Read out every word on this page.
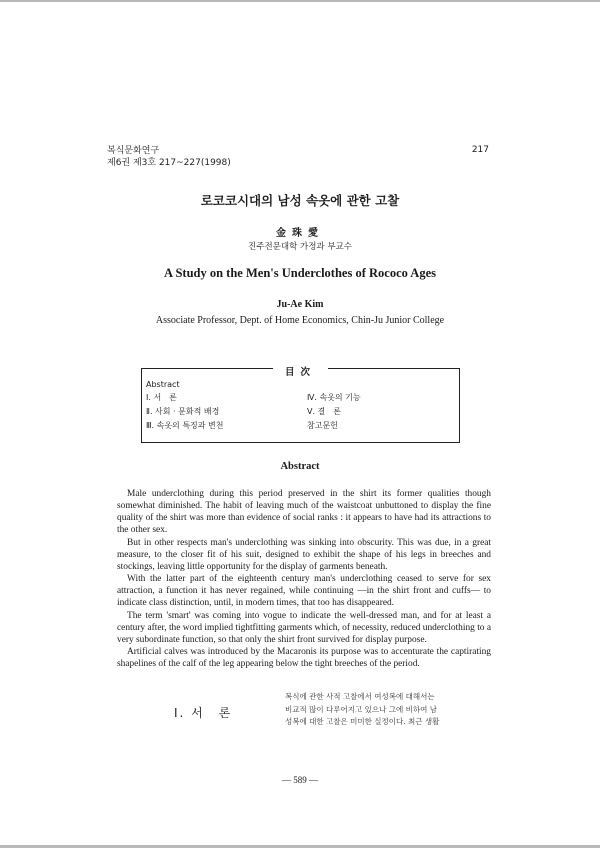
복식문화연구
제6권 제3호 217~227(1998)
217
로코코시대의 남성 속옷에 관한 고찰
金珠愛
진주전문대학 가정과 부교수
A Study on the Men's Underclothes of Rococo Ages
Ju-Ae Kim
Associate Professor, Dept. of Home Economics, Chin-Ju Junior College
目次
Abstract
Ⅰ. 서　론
Ⅱ. 사회 · 문화적 배경
Ⅲ. 속옷의 특징과 변천
Ⅳ. 속옷의 기능
Ⅴ. 결　론
참고문헌
Abstract

Male underclothing during this period preserved in the shirt its former qualities though somewhat diminished. The habit of leaving much of the waistcoat unbuttoned to display the fine quality of the shirt was more than evidence of social ranks : it appears to have had its attractions to the other sex.

But in other respects man's underclothing was sinking into obscurity. This was due, in a great measure, to the closer fit of his suit, designed to exhibit the shape of his legs in breeches and stockings, leaving little opportunity for the display of garments beneath.

With the latter part of the eighteenth century man's underclothing ceased to serve for sex attraction, a function it has never regained, while continuing —in the shirt front and cuffs— to indicate class distinction, until, in modern times, that too has disappeared.

The term 'smart' was coming into vogue to indicate the well-dressed man, and for at least a century after, the word implied tightfitting garments which, of necessity, reduced underclothing to a very subordinate function, so that only the shirt front survived for display purpose.

Artificial calves was introduced by the Macaronis its purpose was to accenturate the captirating shapelines of the calf of the leg appearing below the tight breeches of the period.

Ⅰ. 서　론
복식에 관한 사적 고찰에서 여성복에 대해서는
비교적 많이 다루어지고 있으나 그에 비하여 남
성복에 대한 고찰은 미미한 실정이다. 최근 생활
— 589 —
